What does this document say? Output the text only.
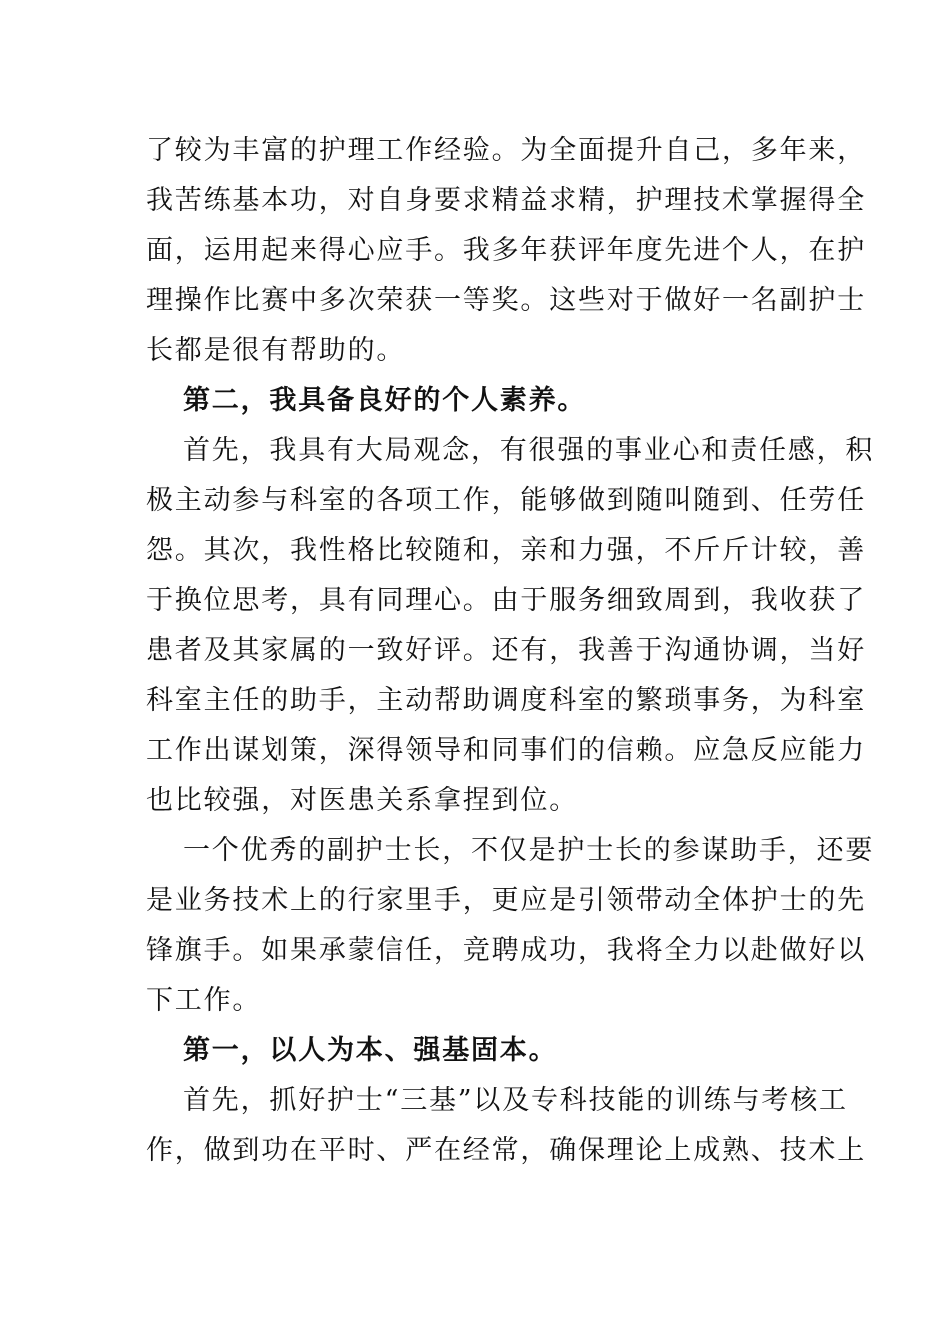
了较为丰富的护理工作经验。为全面提升自己，多年来，
我苦练基本功，对自身要求精益求精，护理技术掌握得全
面，运用起来得心应手。我多年获评年度先进个人，在护
理操作比赛中多次荣获一等奖。这些对于做好一名副护士
长都是很有帮助的。
第二，我具备良好的个人素养。
首先，我具有大局观念，有很强的事业心和责任感，积
极主动参与科室的各项工作，能够做到随叫随到、任劳任
怨。其次，我性格比较随和，亲和力强，不斤斤计较，善
于换位思考，具有同理心。由于服务细致周到，我收获了
患者及其家属的一致好评。还有，我善于沟通协调，当好
科室主任的助手，主动帮助调度科室的繁琐事务，为科室
工作出谋划策，深得领导和同事们的信赖。应急反应能力
也比较强，对医患关系拿捏到位。
一个优秀的副护士长，不仅是护士长的参谋助手，还要
是业务技术上的行家里手，更应是引领带动全体护士的先
锋旗手。如果承蒙信任，竞聘成功，我将全力以赴做好以
下工作。
第一，以人为本、强基固本。
首先，抓好护士“三基”以及专科技能的训练与考核工
作，做到功在平时、严在经常，确保理论上成熟、技术上
